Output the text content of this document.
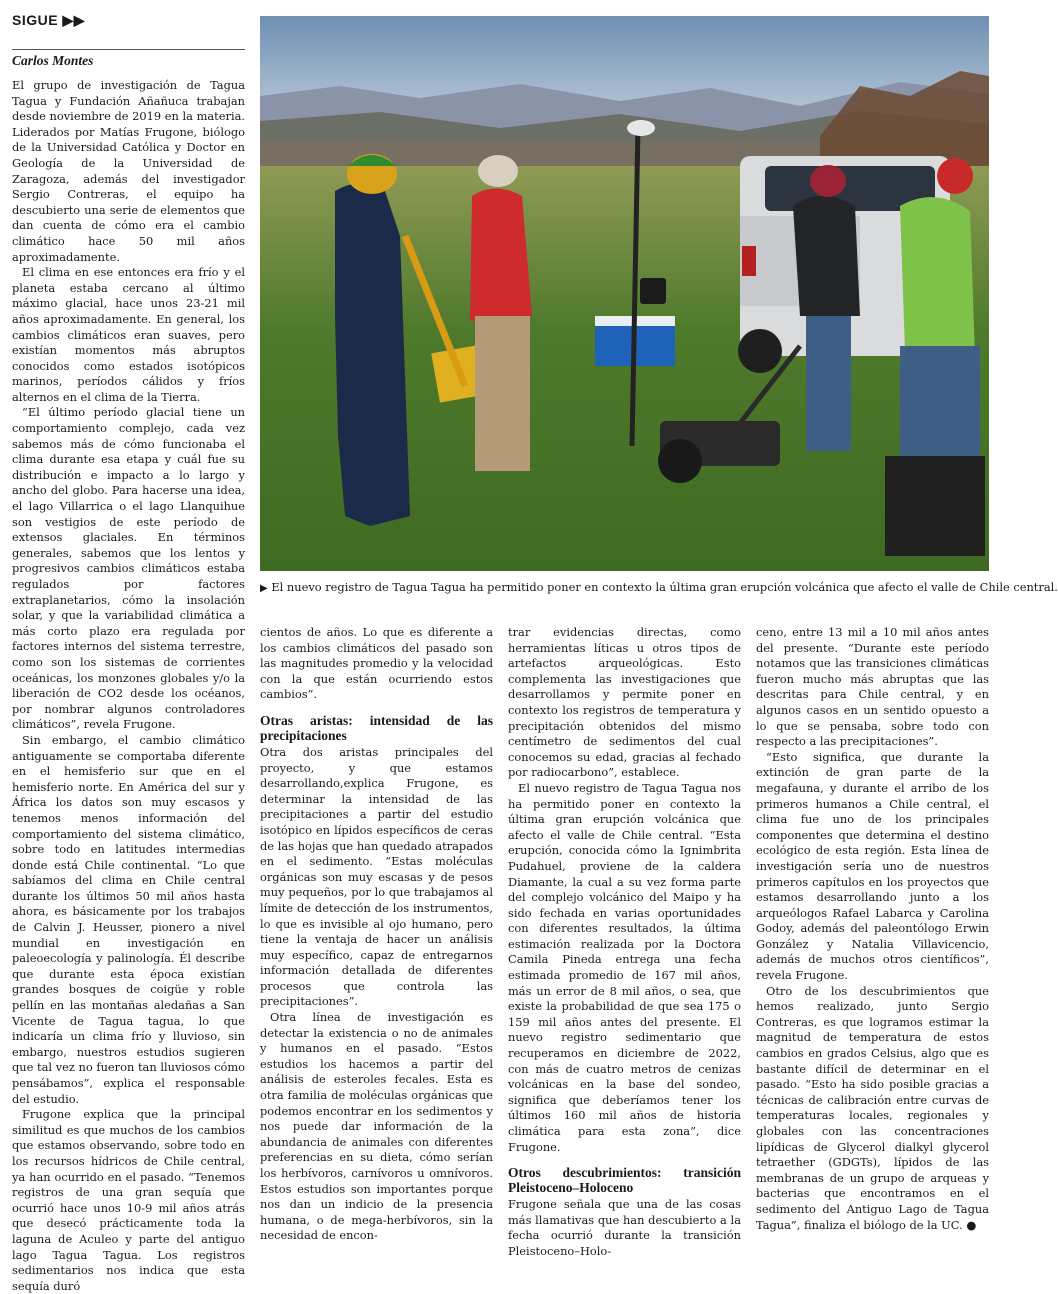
SIGUE ▶▶
Carlos Montes

El grupo de investigación de Tagua Tagua y Fundación Añañuca trabajan desde noviembre de 2019 en la materia. Liderados por Matías Frugone, biólogo de la Universidad Católica y Doctor en Geología de la Universidad de Zaragoza, además del investigador Sergio Contreras, el equipo ha descubierto una serie de elementos que dan cuenta de cómo era el cambio climático hace 50 mil años aproximadamente.

El clima en ese entonces era frío y el planeta estaba cercano al último máximo glacial, hace unos 23-21 mil años aproximadamente. En general, los cambios climáticos eran suaves, pero existían momentos más abruptos conocidos como estados isotópicos marinos, períodos cálidos y fríos alternos en el clima de la Tierra.

“El último período glacial tiene un comportamiento complejo, cada vez sabemos más de cómo funcionaba el clima durante esa etapa y cuál fue su distribución e impacto a lo largo y ancho del globo. Para hacerse una idea, el lago Villarrica o el lago Llanquihue son vestigios de este período de extensos glaciales. En términos generales, sabemos que los lentos y progresivos cambios climáticos estaba regulados por factores extraplanetarios, cómo la insolación solar, y que la variabilidad climática a más corto plazo era regulada por factores internos del sistema terrestre, como son los sistemas de corrientes oceánicas, los monzones globales y/o la liberación de CO2 desde los océanos, por nombrar algunos controladores climáticos”, revela Frugone.

Sin embargo, el cambio climático antiguamente se comportaba diferente en el hemisferio sur que en el hemisferio norte. En América del sur y África los datos son muy escasos y tenemos menos información del comportamiento del sistema climático, sobre todo en latitudes intermedias donde está Chile continental. “Lo que sabíamos del clima en Chile central durante los últimos 50 mil años hasta ahora, es básicamente por los trabajos de Calvin J. Heusser, pionero a nivel mundial en investigación en paleoecología y palinología. Él describe que durante esta época existían grandes bosques de coigüe y roble pellín en las montañas aledañas a San Vicente de Tagua tagua, lo que indicaría un clima frío y lluvioso, sin embargo, nuestros estudios sugieren que tal vez no fueron tan lluviosos cómo pensábamos”, explica el responsable del estudio.

Frugone explica que la principal similitud es que muchos de los cambios que estamos observando, sobre todo en los recursos hídricos de Chile central, ya han ocurrido en el pasado. “Tenemos registros de una gran sequía que ocurrió hace unos 10-9 mil años atrás que desecó prácticamente toda la laguna de Aculeo y parte del antiguo lago Tagua Tagua. Los registros sedimentarios nos indica que esta sequía duró

▶ El nuevo registro de Tagua Tagua ha permitido poner en contexto la última gran erupción volcánica que afecto el valle de Chile central.

cientos de años. Lo que es diferente a los cambios climáticos del pasado son las magnitudes promedio y la velocidad con la que están ocurriendo estos cambios”.

Otras aristas: intensidad de las precipitaciones

Otra dos aristas principales del proyecto, y que estamos desarrollando,explica Frugone, es determinar la intensidad de las precipitaciones a partir del estudio isotópico en lípidos específicos de ceras de las hojas que han quedado atrapados en el sedimento. “Estas moléculas orgánicas son muy escasas y de pesos muy pequeños, por lo que trabajamos al límite de detección de los instrumentos, lo que es invisible al ojo humano, pero tiene la ventaja de hacer un análisis muy específico, capaz de entregarnos información detallada de diferentes procesos que controla las precipitaciones”.

Otra línea de investigación es detectar la existencia o no de animales y humanos en el pasado. “Estos estudios los hacemos a partir del análisis de esteroles fecales. Esta es otra familia de moléculas orgánicas que podemos encontrar en los sedimentos y nos puede dar información de la abundancia de animales con diferentes preferencias en su dieta, cómo serían los herbívoros, carnívoros u omnívoros. Estos estudios son importantes porque nos dan un indicio de la presencia humana, o de mega-herbívoros, sin la necesidad de encon-

trar evidencias directas, como herramientas líticas u otros tipos de artefactos arqueológicas. Esto complementa las investigaciones que desarrollamos y permite poner en contexto los registros de temperatura y precipitación obtenidos del mismo centímetro de sedimentos del cual conocemos su edad, gracias al fechado por radiocarbono”, establece.

El nuevo registro de Tagua Tagua nos ha permitido poner en contexto la última gran erupción volcánica que afecto el valle de Chile central. “Esta erupción, conocida cómo la Ignimbrita Pudahuel, proviene de la caldera Diamante, la cual a su vez forma parte del complejo volcánico del Maipo y ha sido fechada en varias oportunidades con diferentes resultados, la última estimación realizada por la Doctora Camila Pineda entrega una fecha estimada promedio de 167 mil años, más un error de 8 mil años, o sea, que existe la probabilidad de que sea 175 o 159 mil años antes del presente. El nuevo registro sedimentario que recuperamos en diciembre de 2022, con más de cuatro metros de cenizas volcánicas en la base del sondeo, significa que deberíamos tener los últimos 160 mil años de historia climática para esta zona”, dice Frugone.

Otros descubrimientos: transición Pleistoceno–Holoceno

Frugone señala que una de las cosas más llamativas que han descubierto a la fecha ocurrió durante la transición Pleistoceno–Holo-

ceno, entre 13 mil a 10 mil años antes del presente. “Durante este período notamos que las transiciones climáticas fueron mucho más abruptas que las descritas para Chile central, y en algunos casos en un sentido opuesto a lo que se pensaba, sobre todo con respecto a las precipitaciones”.

“Esto significa, que durante la extinción de gran parte de la megafauna, y durante el arribo de los primeros humanos a Chile central, el clima fue uno de los principales componentes que determina el destino ecológico de esta región. Esta línea de investigación sería uno de nuestros primeros capítulos en los proyectos que estamos desarrollando junto a los arqueólogos Rafael Labarca y Carolina Godoy, además del paleontólogo Erwin González y Natalia Villavicencio, además de muchos otros científicos”, revela Frugone.

Otro de los descubrimientos que hemos realizado, junto Sergio Contreras, es que logramos estimar la magnitud de temperatura de estos cambios en grados Celsius, algo que es bastante difícil de determinar en el pasado. “Esto ha sido posible gracias a técnicas de calibración entre curvas de temperaturas locales, regionales y globales con las concentraciones lipídicas de Glycerol dialkyl glycerol tetraether (GDGTs), lípidos de las membranas de un grupo de arqueas y bacterias que encontramos en el sedimento del Antiguo Lago de Tagua Tagua”, finaliza el biólogo de la UC. ●
